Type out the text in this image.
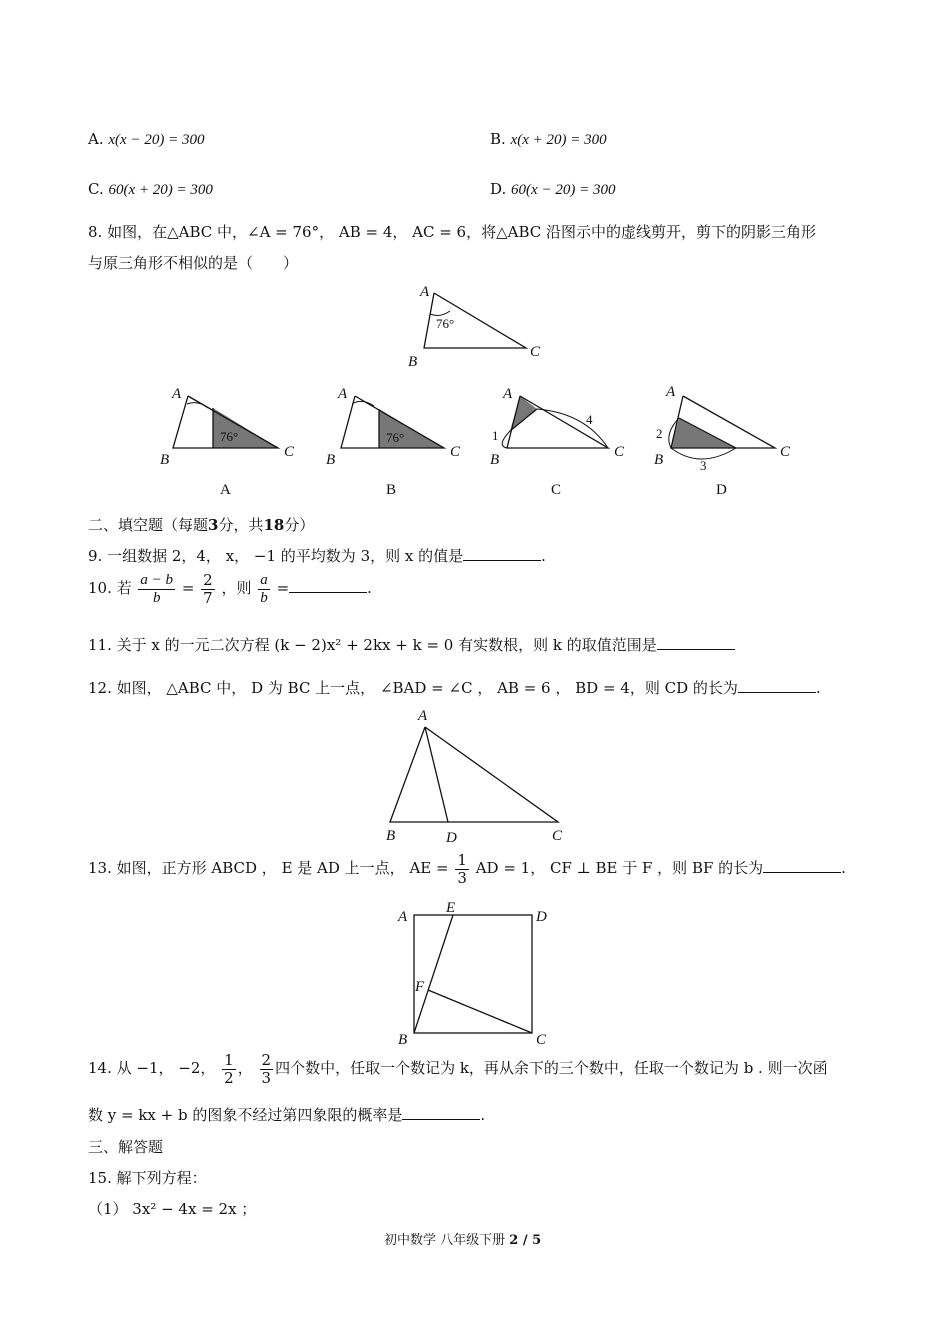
A. x(x − 20) = 300	B. x(x + 20) = 300
C. 60(x + 20) = 300	D. 60(x − 20) = 300
8. 如图，在△ABC 中，∠A = 76°， AB = 4， AC = 6，将△ABC 沿图示中的虚线剪开，剪下的阴影三角形
与原三角形不相似的是（　　）
A
B
C
76°
A
B	C
76°
A
A
B	C
76°
B
A
B	C
1
4
C
A
B	C
2
3
D
二、填空题（每题3分，共18分）
9. 一组数据 2，4， x， −1 的平均数为 3，则 x 的值是	.
10. 若 $\frac{a - b}{b} = \frac{2}{7}$ ，则 $\frac{a}{b}$ =	.
11. 关于 x 的一元二次方程 (k − 2)x² + 2kx + k = 0 有实数根，则 k 的取值范围是
12. 如图， △ABC 中， D 为 BC 上一点， ∠BAD = ∠C ， AB = 6 ， BD = 4，则 CD 的长为	.
A
B	D	C
13. 如图，正方形 ABCD ， E 是 AD 上一点， AE = $\frac{1}{3}$ AD = 1， CF ⊥ BE 于 F ，则 BF 的长为	.
A
E
D
F
B	C
14. 从 −1， −2， $\frac{1}{2}$ ， $\frac{2}{3}$ 四个数中，任取一个数记为 k，再从余下的三个数中，任取一个数记为 b . 则一次函
数 y = kx + b 的图象不经过第四象限的概率是	.
三、解答题
15. 解下列方程：
（1） 3x² − 4x = 2x ；
初中数学 八年级下册 2 / 5
